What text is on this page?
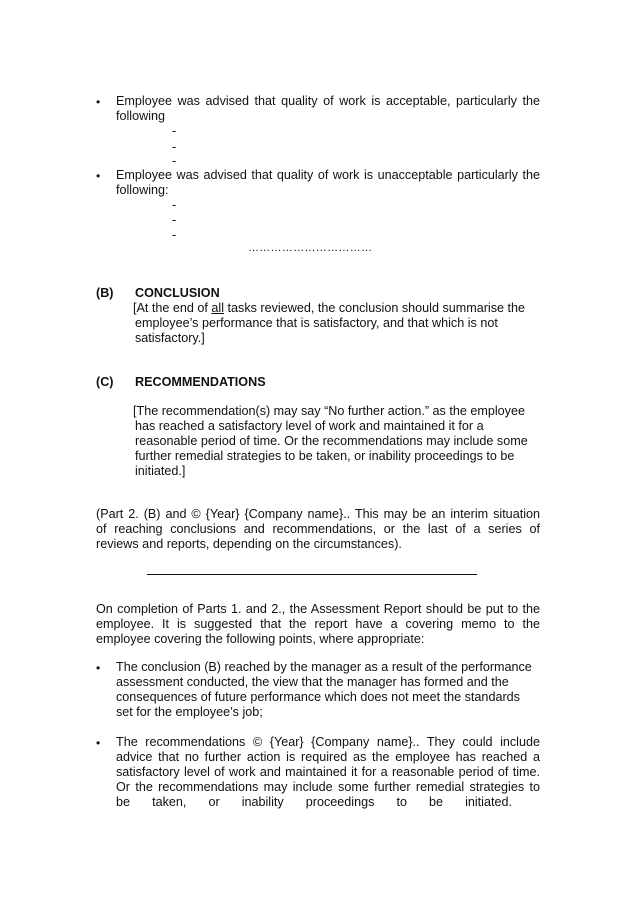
• Employee was advised that quality of work is acceptable, particularly the
following
-
-
-
• Employee was advised that quality of work is unacceptable particularly the
following:
-
-
-
……………………………
(B) CONCLUSION
[At the end of all tasks reviewed, the conclusion should summarise the
employee’s performance that is satisfactory, and that which is not
satisfactory.]
(C) RECOMMENDATIONS
[The recommendation(s) may say “No further action.” as the employee
has reached a satisfactory level of work and maintained it for a
reasonable period of time. Or the recommendations may include some
further remedial strategies to be taken, or inability proceedings to be
initiated.]
(Part 2. (B) and © {Year} {Company name}.. This may be an interim situation
of reaching conclusions and recommendations, or the last of a series of
reviews and reports, depending on the circumstances).
On completion of Parts 1. and 2., the Assessment Report should be put to the
employee. It is suggested that the report have a covering memo to the
employee covering the following points, where appropriate:
• The conclusion (B) reached by the manager as a result of the performance
assessment conducted, the view that the manager has formed and the
consequences of future performance which does not meet the standards
set for the employee’s job;
• The recommendations © {Year} {Company name}.. They could include
advice that no further action is required as the employee has reached a
satisfactory level of work and maintained it for a reasonable period of time.
Or the recommendations may include some further remedial strategies to
be taken, or inability proceedings to be initiated.
